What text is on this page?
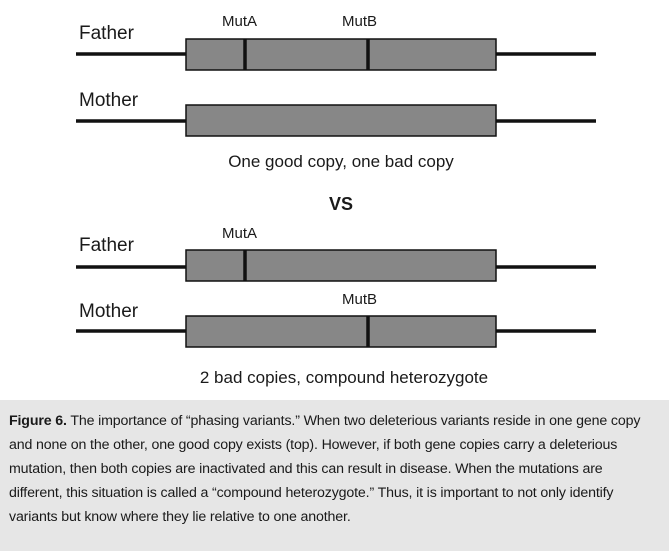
Father
MutA	MutB
Mother
One good copy, one bad copy
VS
Father
MutA
Mother
MutB
2 bad copies, compound heterozygote
Figure 6. The importance of “phasing variants.” When two deleterious variants reside in one gene copy and none on the other, one good copy exists (top). However, if both gene copies carry a deleterious mutation, then both copies are inactivated and this can result in disease. When the mutations are different, this situation is called a “compound heterozygote.” Thus, it is important to not only identify variants but know where they lie relative to one another.
